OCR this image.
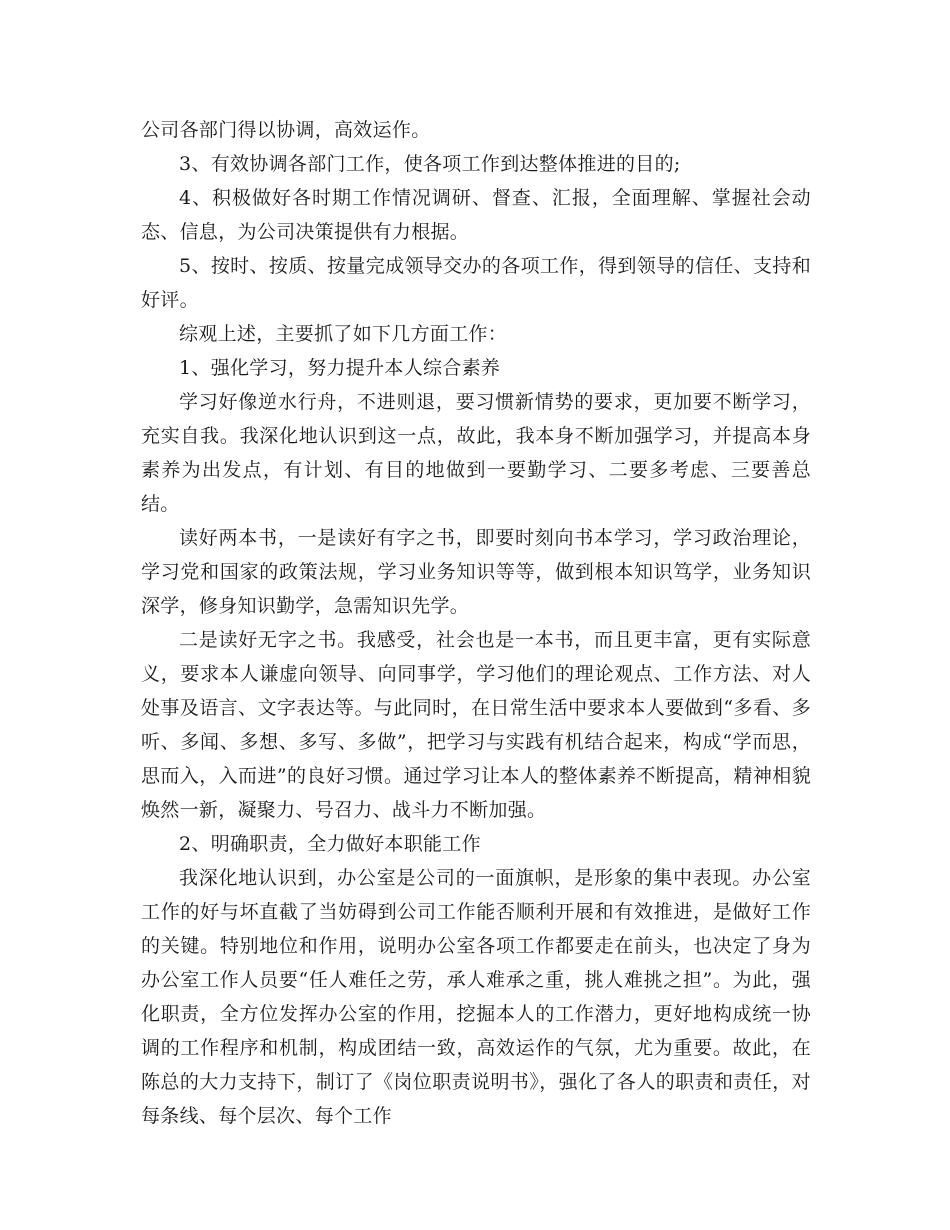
公司各部门得以协调，高效运作。

3、有效协调各部门工作，使各项工作到达整体推进的目的;

4、积极做好各时期工作情况调研、督查、汇报，全面理解、掌握社会动态、信息，为公司决策提供有力根据。

5、按时、按质、按量完成领导交办的各项工作，得到领导的信任、支持和好评。

综观上述，主要抓了如下几方面工作：

1、强化学习，努力提升本人综合素养

学习好像逆水行舟，不进则退，要习惯新情势的要求，更加要不断学习，充实自我。我深化地认识到这一点，故此，我本身不断加强学习，并提高本身素养为出发点，有计划、有目的地做到一要勤学习、二要多考虑、三要善总结。

读好两本书，一是读好有字之书，即要时刻向书本学习，学习政治理论，学习党和国家的政策法规，学习业务知识等等，做到根本知识笃学，业务知识深学，修身知识勤学，急需知识先学。

二是读好无字之书。我感受，社会也是一本书，而且更丰富，更有实际意义，要求本人谦虚向领导、向同事学，学习他们的理论观点、工作方法、对人处事及语言、文字表达等。与此同时，在日常生活中要求本人要做到“多看、多听、多闻、多想、多写、多做”，把学习与实践有机结合起来，构成“学而思，思而入，入而进”的良好习惯。通过学习让本人的整体素养不断提高，精神相貌焕然一新，凝聚力、号召力、战斗力不断加强。

2、明确职责，全力做好本职能工作

我深化地认识到，办公室是公司的一面旗帜，是形象的集中表现。办公室工作的好与坏直截了当妨碍到公司工作能否顺利开展和有效推进，是做好工作的关键。特别地位和作用，说明办公室各项工作都要走在前头，也决定了身为办公室工作人员要“任人难任之劳，承人难承之重，挑人难挑之担”。为此，强化职责，全方位发挥办公室的作用，挖掘本人的工作潜力，更好地构成统一协调的工作程序和机制，构成团结一致，高效运作的气氛，尤为重要。故此，在陈总的大力支持下，制订了《岗位职责说明书》，强化了各人的职责和责任，对每条线、每个层次、每个工作
